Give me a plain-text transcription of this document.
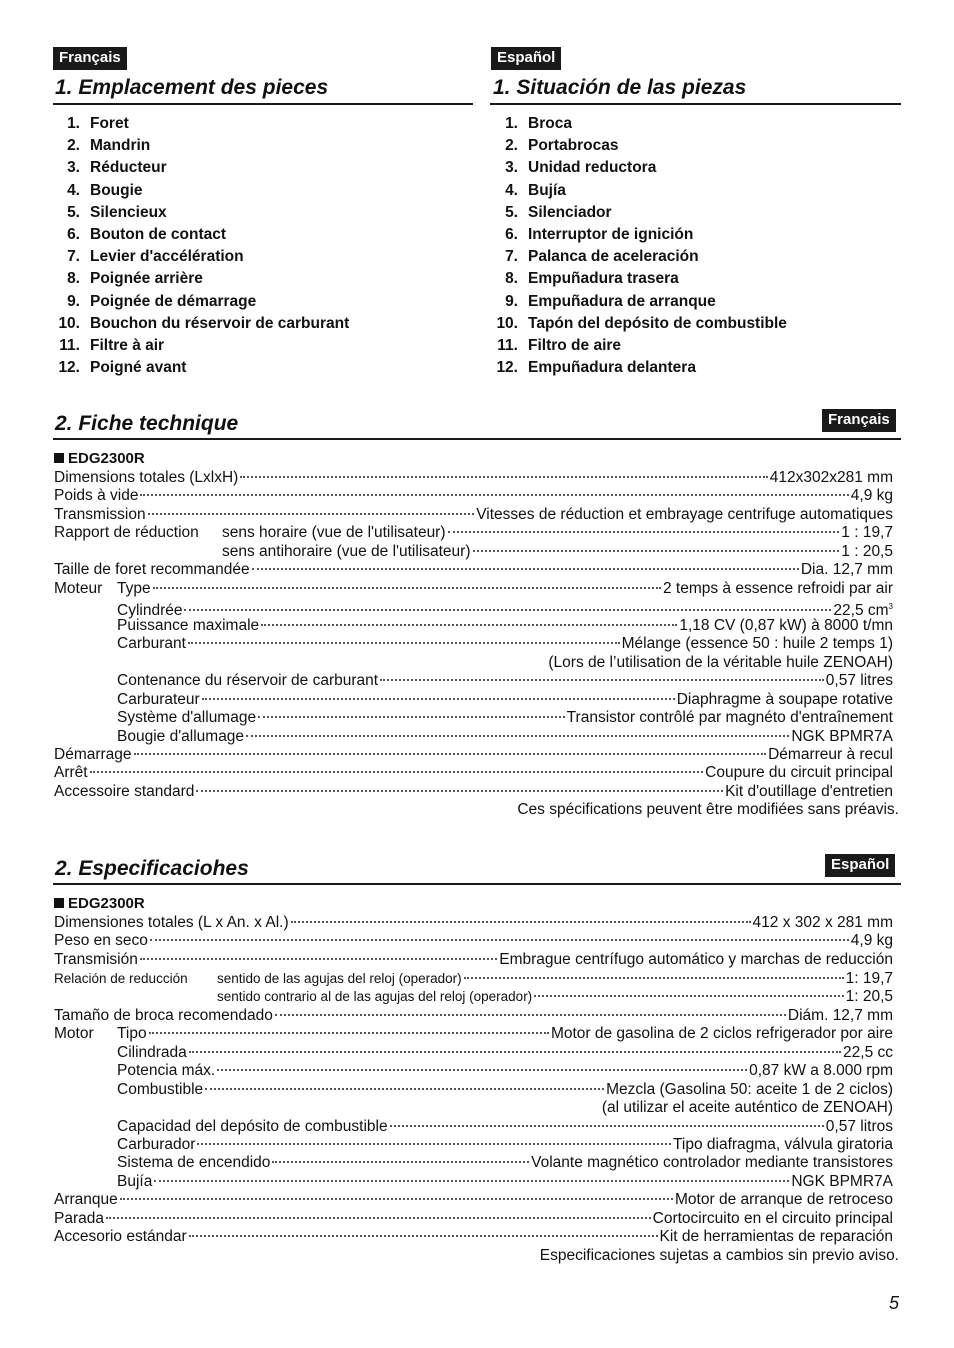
Français	Español
1. Emplacement des pieces	1. Situación de las piezas
1. Foret
2. Mandrin
3. Réducteur
4. Bougie
5. Silencieux
6. Bouton de contact
7. Levier d'accélération
8. Poignée arrière
9. Poignée de démarrage
10. Bouchon du réservoir de carburant
11. Filtre à air
12. Poigné avant
1. Broca
2. Portabrocas
3. Unidad reductora
4. Bujía
5. Silenciador
6. Interruptor de ignición
7. Palanca de aceleración
8. Empuñadura trasera
9. Empuñadura de arranque
10. Tapón del depósito de combustible
11. Filtro de aire
12. Empuñadura delantera
2. Fiche technique	Français
EDG2300R
Dimensions totales (LxlxH)	412x302x281 mm
Poids à vide	4,9 kg
Transmission	Vitesses de réduction et embrayage centrifuge automatiques
Rapport de réduction sens horaire (vue de l'utilisateur)	1 : 19,7
sens antihoraire (vue de l'utilisateur)	1 : 20,5
Taille de foret recommandée	Dia. 12,7 mm
Moteur Type	2 temps à essence refroidi par air
Cylindrée	22,5 $cm^3$
Puissance maximale	1,18 CV (0,87 kW) à 8000 t/mn
Carburant	Mélange (essence 50 : huile 2 temps 1)
(Lors de l’utilisation de la véritable huile ZENOAH)
Contenance du réservoir de carburant	0,57 litres
Carburateur	Diaphragme à soupape rotative
Système d'allumage	Transistor contrôlé par magnéto d'entraînement
Bougie d'allumage	NGK BPMR7A
Démarrage	Démarreur à recul
Arrêt	Coupure du circuit principal
Accessoire standard	Kit d'outillage d'entretien
Ces spécifications peuvent être modifiées sans préavis.
2. Especificaciohes	Español
EDG2300R
Dimensiones totales (L x An. x Al.)	412 x 302 x 281 mm
Peso en seco	4,9 kg
Transmisión	Embrague centrífugo automático y marchas de reducción
Relación de reducción sentido de las agujas del reloj (operador)	1: 19,7
sentido contrario al de las agujas del reloj (operador)	1: 20,5
Tamaño de broca recomendado	Diám. 12,7 mm
Motor Tipo	Motor de gasolina de 2 ciclos refrigerador por aire
Cilindrada	22,5 cc
Potencia máx.	0,87 kW a 8.000 rpm
Combustible	Mezcla (Gasolina 50: aceite 1 de 2 ciclos)
(al utilizar el aceite auténtico de ZENOAH)
Capacidad del depósito de combustible	0,57 litros
Carburador	Tipo diafragma, válvula giratoria
Sistema de encendido	Volante magnético controlador mediante transistores
Bujía	NGK BPMR7A
Arranque	Motor de arranque de retroceso
Parada	Cortocircuito en el circuito principal
Accesorio estándar	Kit de herramientas de reparación
Especificaciones sujetas a cambios sin previo aviso.
5
